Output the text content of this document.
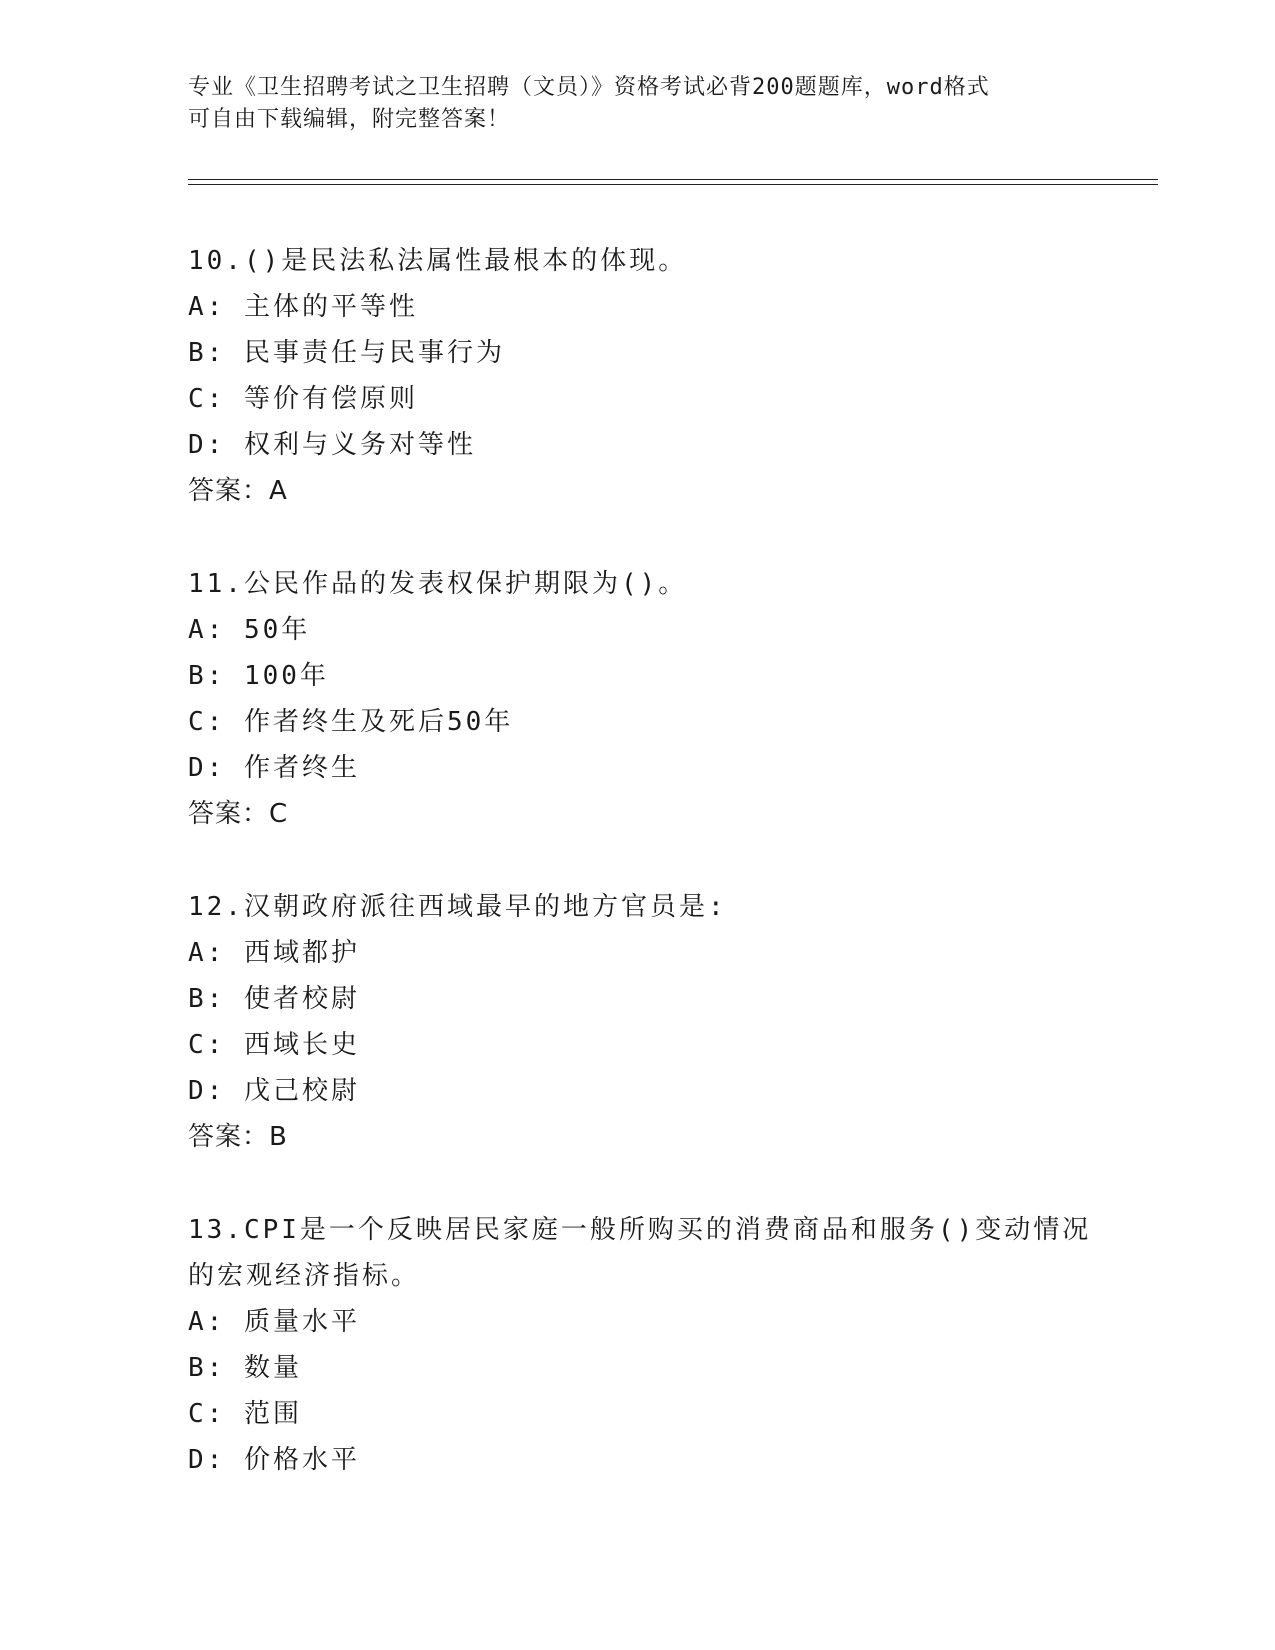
专业《卫生招聘考试之卫生招聘（文员）》资格考试必背200题题库，word格式
可自由下载编辑，附完整答案！
10.()是民法私法属性最根本的体现。
A: 主体的平等性
B: 民事责任与民事行为
C: 等价有偿原则
D: 权利与义务对等性
答案：A
11.公民作品的发表权保护期限为()。
A: 50年
B: 100年
C: 作者终生及死后50年
D: 作者终生
答案：C
12.汉朝政府派往西域最早的地方官员是:
A: 西域都护
B: 使者校尉
C: 西域长史
D: 戊己校尉
答案：B
13.CPI是一个反映居民家庭一般所购买的消费商品和服务()变动情况
的宏观经济指标。
A: 质量水平
B: 数量
C: 范围
D: 价格水平
